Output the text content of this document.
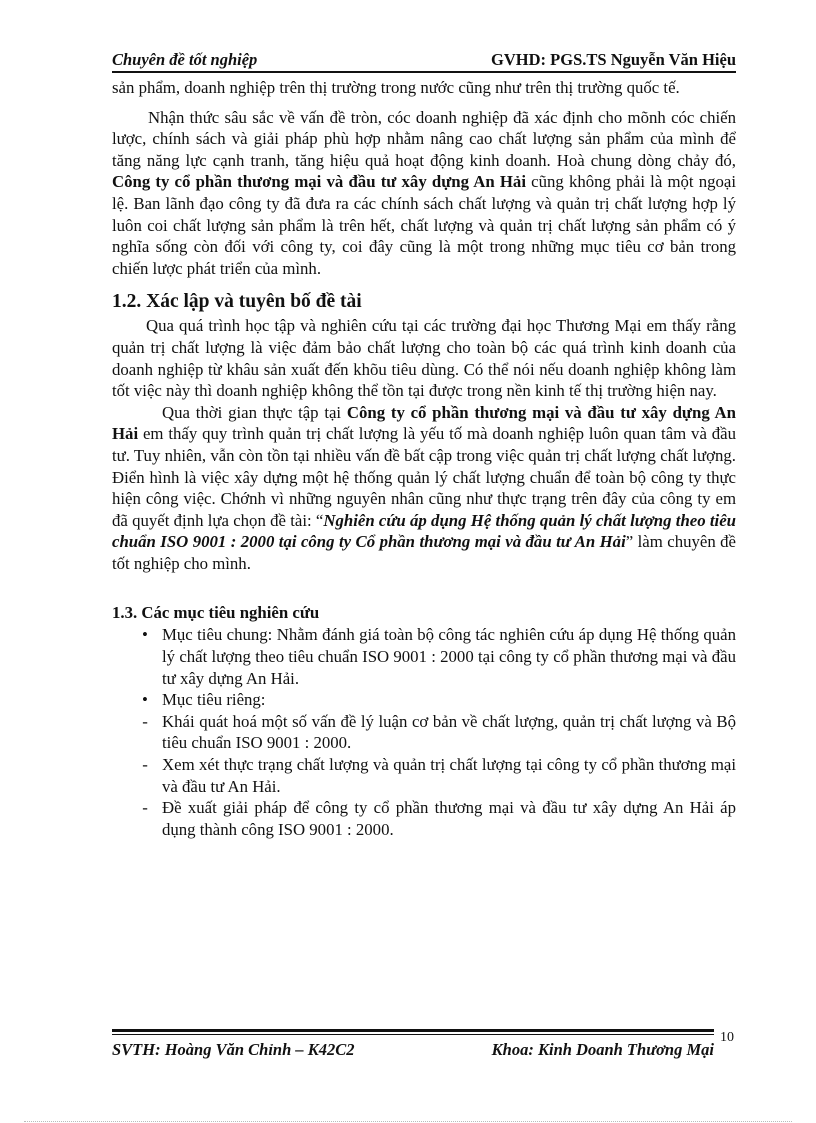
Chuyên đề tốt nghiệp	GVHD: PGS.TS Nguyễn Văn Hiệu

sản phẩm, doanh nghiệp trên thị trường trong nước cũng như trên thị trường quốc tế.

Nhận thức sâu sắc về vấn đề tròn, cóc doanh nghiệp đã xác định cho mõnh cóc chiến lược, chính sách và giải pháp phù hợp nhằm nâng cao chất lượng sản phẩm của mình để tăng năng lực cạnh tranh, tăng hiệu quả hoạt động kinh doanh. Hoà chung dòng chảy đó, Công ty cổ phần thương mại và đầu tư xây dựng An Hải cũng không phải là một ngoại lệ. Ban lãnh đạo công ty đã đưa ra các chính sách chất lượng và quản trị chất lượng hợp lý luôn coi chất lượng sản phẩm là trên hết, chất lượng và quản trị chất lượng sản phẩm có ý nghĩa sống còn đối với công ty, coi đây cũng là một trong những mục tiêu cơ bản trong chiến lược phát triển của mình.

1.2. Xác lập và tuyên bố đề tài

Qua quá trình học tập và nghiên cứu tại các trường đại học Thương Mại em thấy rằng quản trị chất lượng là việc đảm bảo chất lượng cho toàn bộ các quá trình kinh doanh của doanh nghiệp từ khâu sản xuất đến khõu tiêu dùng. Có thể nói nếu doanh nghiệp không làm tốt việc này thì doanh nghiệp không thể tồn tại được trong nền kinh tế thị trường hiện nay.

Qua thời gian thực tập tại Công ty cổ phần thương mại và đầu tư xây dựng An Hải em thấy quy trình quản trị chất lượng là yếu tố mà doanh nghiệp luôn quan tâm và đầu tư. Tuy nhiên, vẫn còn tồn tại nhiều vấn đề bất cập trong việc quản trị chất lượng chất lượng. Điển hình là việc xây dựng một hệ thống quản lý chất lượng chuẩn để toàn bộ công ty thực hiện công việc. Chớnh vì những nguyên nhân cũng như thực trạng trên đây của công ty em đã quyết định lựa chọn đề tài: “Nghiên cứu áp dụng Hệ thống quản lý chất lượng theo tiêu chuẩn ISO 9001 : 2000 tại công ty Cổ phần thương mại và đầu tư An Hải” làm chuyên đề tốt nghiệp cho mình.

1.3. Các mục tiêu nghiên cứu
• Mục tiêu chung: Nhằm đánh giá toàn bộ công tác nghiên cứu áp dụng Hệ thống quản lý chất lượng theo tiêu chuẩn ISO 9001 : 2000 tại công ty cổ phần thương mại và đầu tư xây dựng An Hải.
• Mục tiêu riêng:
- Khái quát hoá một số vấn đề lý luận cơ bản về chất lượng, quản trị chất lượng và Bộ tiêu chuẩn ISO 9001 : 2000.
- Xem xét thực trạng chất lượng và quản trị chất lượng tại công ty cổ phần thương mại và đầu tư An Hải.
- Đề xuất giải pháp để công ty cổ phần thương mại và đầu tư xây dựng An Hải áp dụng thành công ISO 9001 : 2000.
SVTH: Hoàng Văn Chỉnh – K42C2	Khoa: Kinh Doanh Thương Mại
10
